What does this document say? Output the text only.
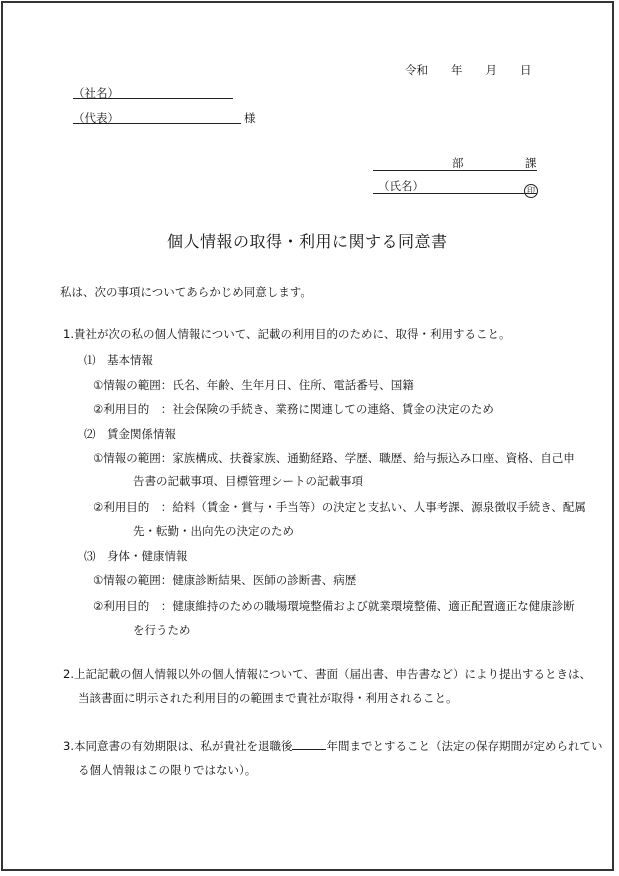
令和　　年　　月　　日
（社名）
（代表）	様
部	課
（氏名）	印
個人情報の取得・利用に関する同意書
私は、次の事項についてあらかじめ同意します。
1.貴社が次の私の個人情報について、記載の利用目的のために、取得・利用すること。
⑴　基本情報
①情報の範囲：氏名、年齢、生年月日、住所、電話番号、国籍
②利用目的　：社会保険の手続き、業務に関連しての連絡、賃金の決定のため
⑵　賃金関係情報
①情報の範囲：家族構成、扶養家族、通勤経路、学歴、職歴、給与振込み口座、資格、自己申
告書の記載事項、目標管理シートの記載事項
②利用目的　：給料（賃金・賞与・手当等）の決定と支払い、人事考課、源泉徴収手続き、配属
先・転勤・出向先の決定のため
⑶　身体・健康情報
①情報の範囲：健康診断結果、医師の診断書、病歴
②利用目的　：健康維持のための職場環境整備および就業環境整備、適正配置適正な健康診断
を行うため
2.上記記載の個人情報以外の個人情報について、書面（届出書、申告書など）により提出するときは、
当該書面に明示された利用目的の範囲まで貴社が取得・利用されること。
3.本同意書の有効期限は、私が貴社を退職後	年間までとすること（法定の保存期間が定められてい
る個人情報はこの限りではない）。
